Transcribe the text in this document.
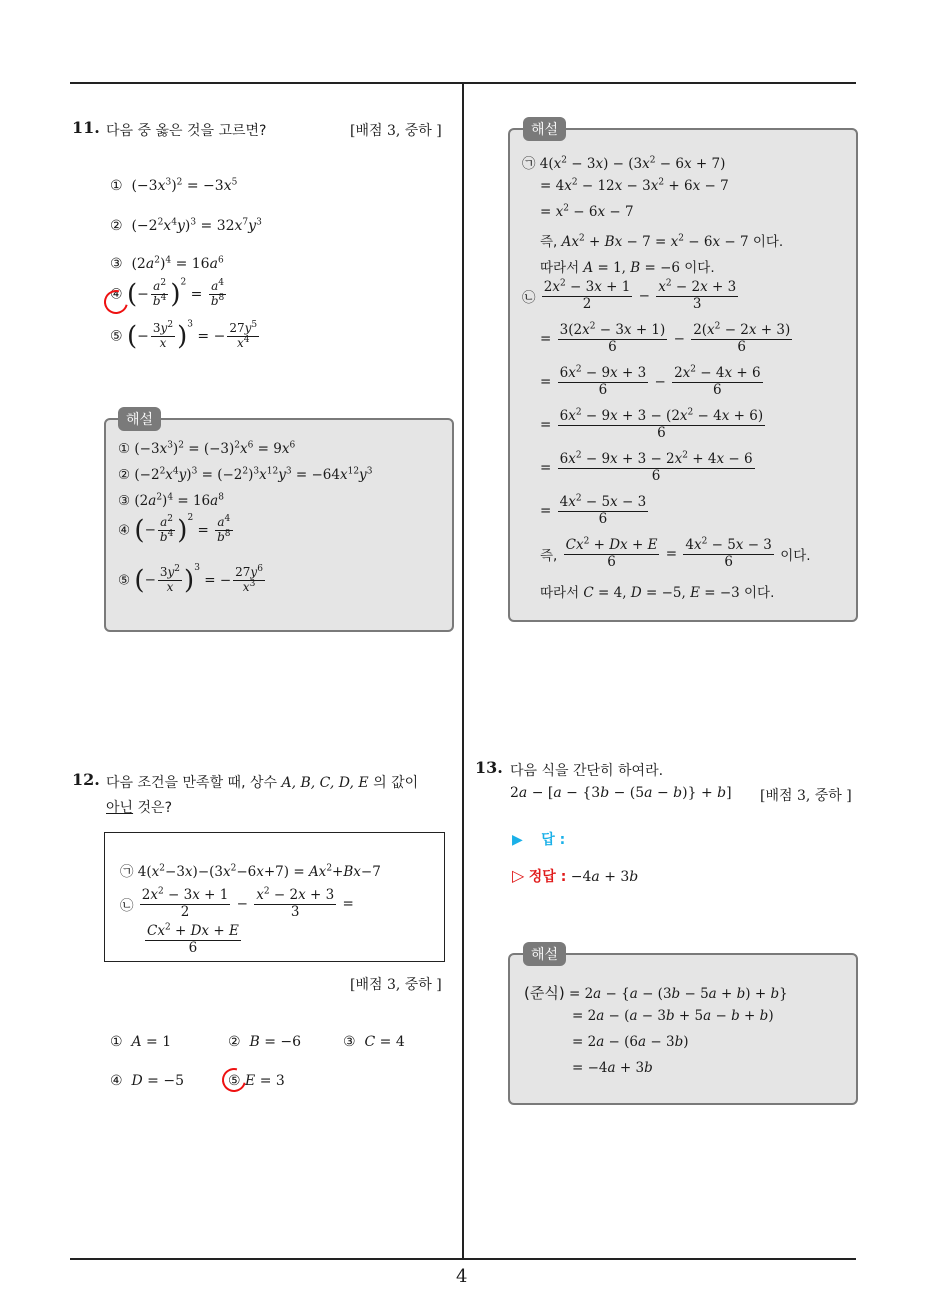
4
11. 다음 중 옳은 것을 고르면?	[배점 3, 중하 ]
①  $(-3x^3)^2 = -3x^5$
②  $(-2^2x^4y)^3 = 32x^7y^3$
③  $(2a^2)^4 = 16a^6$
④ (− $\frac{a^2}{b^4} )^2 = \frac{a^4}{b^8}$
⑤ (− $\frac{3y^2}{x} )^3$ = − $\frac{27y^5}{x^4}$
해설
① $(-3x^3)^2 = (-3)^2x^6 = 9x^6$
② $(-2^2x^4y)^3 = (-2^2)^3x^{12}y^3 = -64x^{12}y^3$
③ $(2a^2)^4 = 16a^8$
④ (− $\frac{a^2}{b^4} )^2 = \frac{a^4}{b^8}$
⑤ (− $\frac{3y^2}{x} )^3$ = − $\frac{27y^6}{x^3}$
12. 다음 조건을 만족할 때, 상수 A, B, C, D, E 의 값이
아닌 것은?
㉠ $4(x^2-3x)-(3x^2-6x+7) = Ax^2+Bx-7$
㉡ $\frac{2x^2 - 3x + 1}{2} - \frac{x^2 - 2x + 3}{3}$ =
$\frac{Cx^2 + Dx + E}{6}$
[배점 3, 중하 ]
① A = 1	② B = −6	③ C = 4
④ D = −5	⑤ E = 3
해설
㉠ $4(x^2 - 3x) - (3x^2 - 6x + 7)$
= $4x^2 - 12x - 3x^2 + 6x - 7$
= $x^2 - 6x - 7$
즉, $Ax^2 + Bx - 7 = x^2 - 6x - 7$ 이다.
따라서 A = 1, B = −6 이다.
㉡ $\frac{2x^2 - 3x + 1}{2} - \frac{x^2 - 2x + 3}{3}$
= $\frac{3(2x^2 - 3x + 1)}{6} - \frac{2(x^2 - 2x + 3)}{6}$
= $\frac{6x^2 - 9x + 3}{6} - \frac{2x^2 - 4x + 6}{6}$
= $\frac{6x^2 - 9x + 3 - (2x^2 - 4x + 6)}{6}$
= $\frac{6x^2 - 9x + 3 - 2x^2 + 4x - 6}{6}$
= $\frac{4x^2 - 5x - 3}{6}$
즉, $\frac{Cx^2 + Dx + E}{6} = \frac{4x^2 - 5x - 3}{6}$ 이다.
따라서 C = 4, D = −5, E = −3 이다.
13. 다음 식을 간단히 하여라.
2a − [a − {3b − (5a − b)} + b] [배점 3, 중하 ]
▶ 답 :
▷ 정답 : −4a + 3b
해설
(준식) = 2a − {a − (3b − 5a + b) + b}
= 2a − (a − 3b + 5a − b + b)
= 2a − (6a − 3b)
= −4a + 3b
